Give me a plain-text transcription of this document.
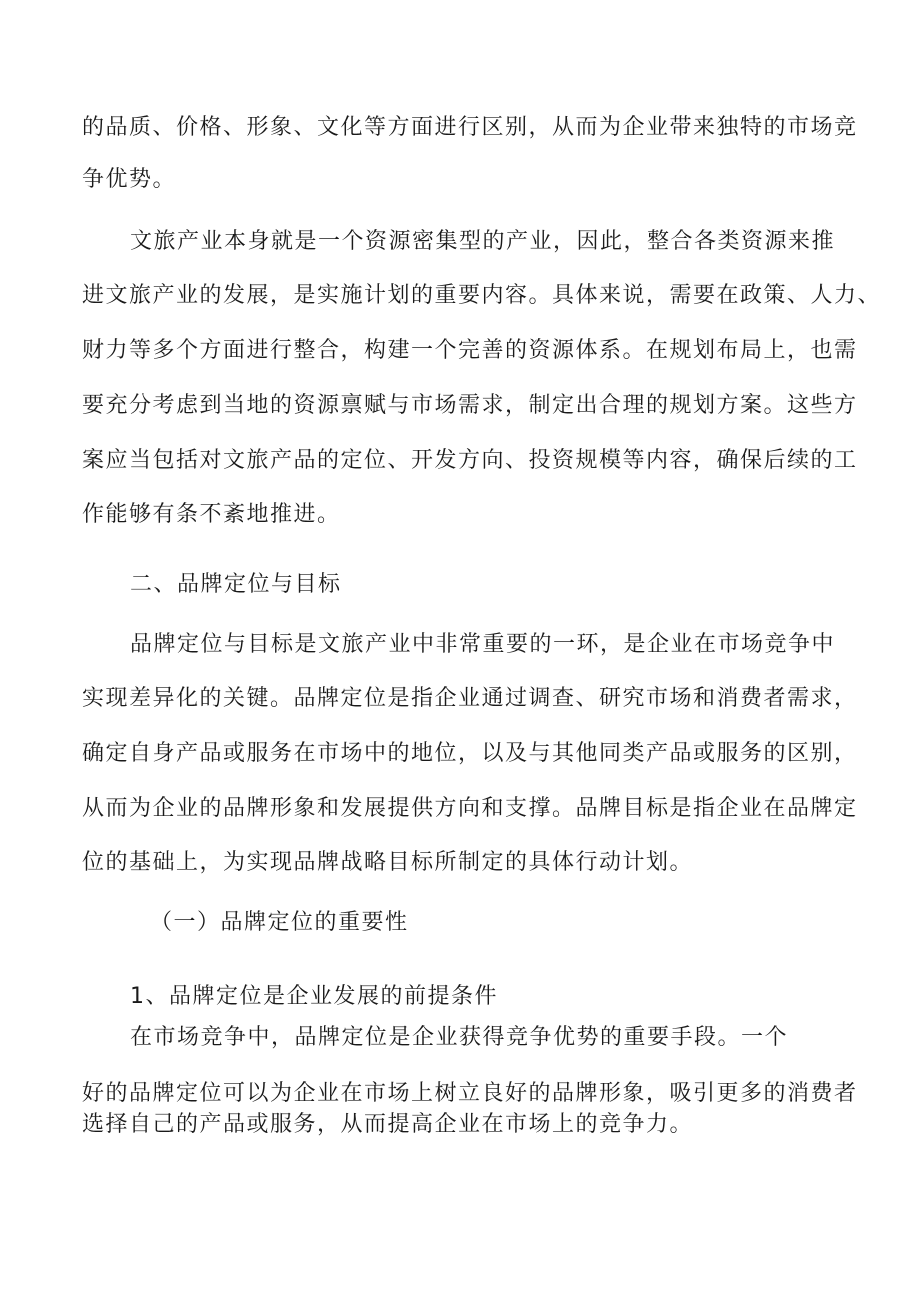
的品质、价格、形象、文化等方面进行区别，从而为企业带来独特的市场竞
争优势。
文旅产业本身就是一个资源密集型的产业，因此，整合各类资源来推
进文旅产业的发展，是实施计划的重要内容。具体来说，需要在政策、人力、
财力等多个方面进行整合，构建一个完善的资源体系。在规划布局上，也需
要充分考虑到当地的资源禀赋与市场需求，制定出合理的规划方案。这些方
案应当包括对文旅产品的定位、开发方向、投资规模等内容，确保后续的工
作能够有条不紊地推进。
二、品牌定位与目标
品牌定位与目标是文旅产业中非常重要的一环，是企业在市场竞争中
实现差异化的关键。品牌定位是指企业通过调查、研究市场和消费者需求，
确定自身产品或服务在市场中的地位，以及与其他同类产品或服务的区别，
从而为企业的品牌形象和发展提供方向和支撑。品牌目标是指企业在品牌定
位的基础上，为实现品牌战略目标所制定的具体行动计划。
（一）品牌定位的重要性
1、品牌定位是企业发展的前提条件
在市场竞争中，品牌定位是企业获得竞争优势的重要手段。一个
好的品牌定位可以为企业在市场上树立良好的品牌形象，吸引更多的消费者
选择自己的产品或服务，从而提高企业在市场上的竞争力。
